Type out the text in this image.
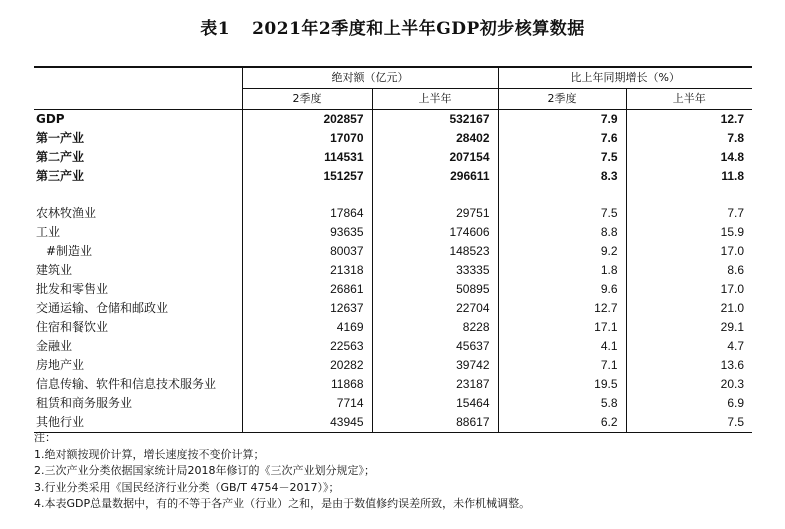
表1 2021年2季度和上半年GDP初步核算数据
	绝对额（亿元）		比上年同期增长（%）	
	2季度	上半年	2季度	上半年
GDP	202857	532167	7.9	12.7
第一产业	17070	28402	7.6	7.8
第二产业	114531	207154	7.5	14.8
第三产业	151257	296611	8.3	11.8

农林牧渔业	17864	29751	7.5	7.7
工业	93635	174606	8.8	15.9
#制造业	80037	148523	9.2	17.0
建筑业	21318	33335	1.8	8.6
批发和零售业	26861	50895	9.6	17.0
交通运输、仓储和邮政业	12637	22704	12.7	21.0
住宿和餐饮业	4169	8228	17.1	29.1
金融业	22563	45637	4.1	4.7
房地产业	20282	39742	7.1	13.6
信息传输、软件和信息技术服务业	11868	23187	19.5	20.3
租赁和商务服务业	7714	15464	5.8	6.9
其他行业	43945	88617	6.2	7.5
注：
1.绝对额按现价计算，增长速度按不变价计算；
2.三次产业分类依据国家统计局2018年修订的《三次产业划分规定》；
3.行业分类采用《国民经济行业分类（GB/T 4754－2017）》；
4.本表GDP总量数据中，有的不等于各产业（行业）之和，是由于数值修约误差所致，未作机械调整。
